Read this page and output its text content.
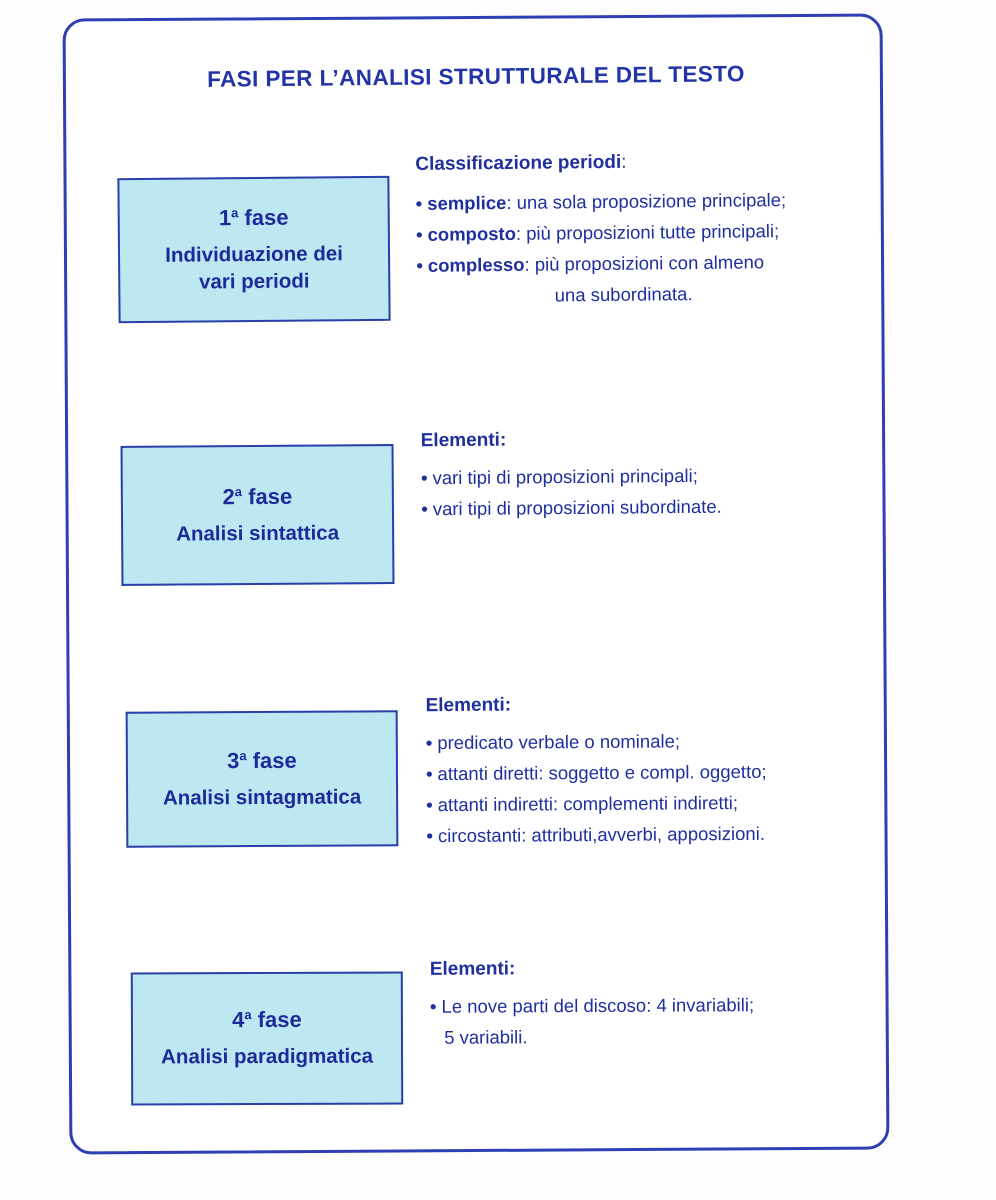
FASI PER L’ANALISI STRUTTURALE DEL TESTO
1$^a$ fase
Individuazione dei
vari periodi
Classificazione periodi:
• semplice: una sola proposizione principale;
• composto: più proposizioni tutte principali;
• complesso: più proposizioni con almeno
una subordinata.
2$^a$ fase
Analisi sintattica
Elementi:
• vari tipi di proposizioni principali;
• vari tipi di proposizioni subordinate.
3$^a$ fase
Analisi sintagmatica
Elementi:
• predicato verbale o nominale;
• attanti diretti: soggetto e compl. oggetto;
• attanti indiretti: complementi indiretti;
• circostanti: attributi,avverbi, apposizioni.
4$^a$ fase
Analisi paradigmatica
Elementi:
• Le nove parti del discoso: 4 invariabili;
5 variabili.
